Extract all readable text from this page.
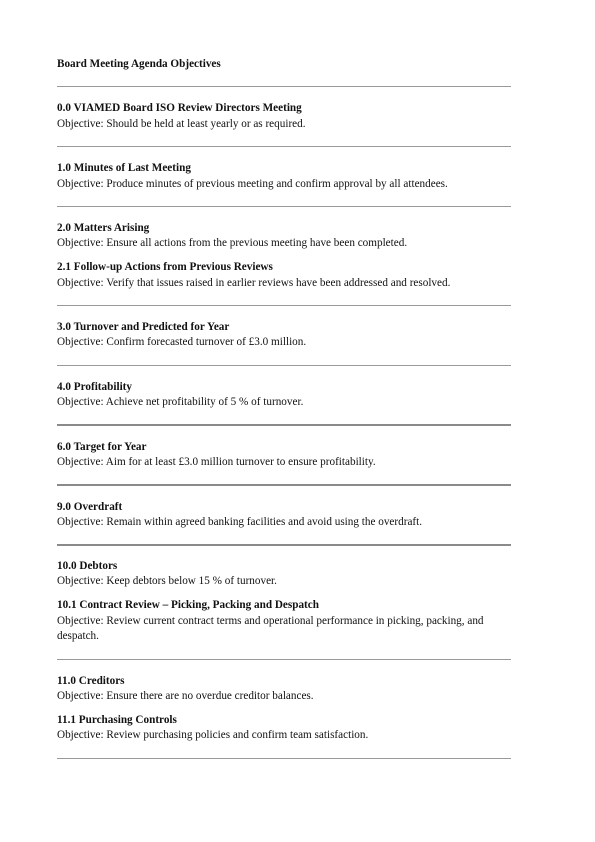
Board Meeting Agenda Objectives
0.0 VIAMED Board ISO Review Directors Meeting
Objective: Should be held at least yearly or as required.
1.0 Minutes of Last Meeting
Objective: Produce minutes of previous meeting and confirm approval by all attendees.
2.0 Matters Arising
Objective: Ensure all actions from the previous meeting have been completed.
2.1 Follow-up Actions from Previous Reviews
Objective: Verify that issues raised in earlier reviews have been addressed and resolved.
3.0 Turnover and Predicted for Year
Objective: Confirm forecasted turnover of £3.0 million.
4.0 Profitability
Objective: Achieve net profitability of 5 % of turnover.
6.0 Target for Year
Objective: Aim for at least £3.0 million turnover to ensure profitability.
9.0 Overdraft
Objective: Remain within agreed banking facilities and avoid using the overdraft.
10.0 Debtors
Objective: Keep debtors below 15 % of turnover.
10.1 Contract Review – Picking, Packing and Despatch
Objective: Review current contract terms and operational performance in picking, packing, and despatch.
11.0 Creditors
Objective: Ensure there are no overdue creditor balances.
11.1 Purchasing Controls
Objective: Review purchasing policies and confirm team satisfaction.
